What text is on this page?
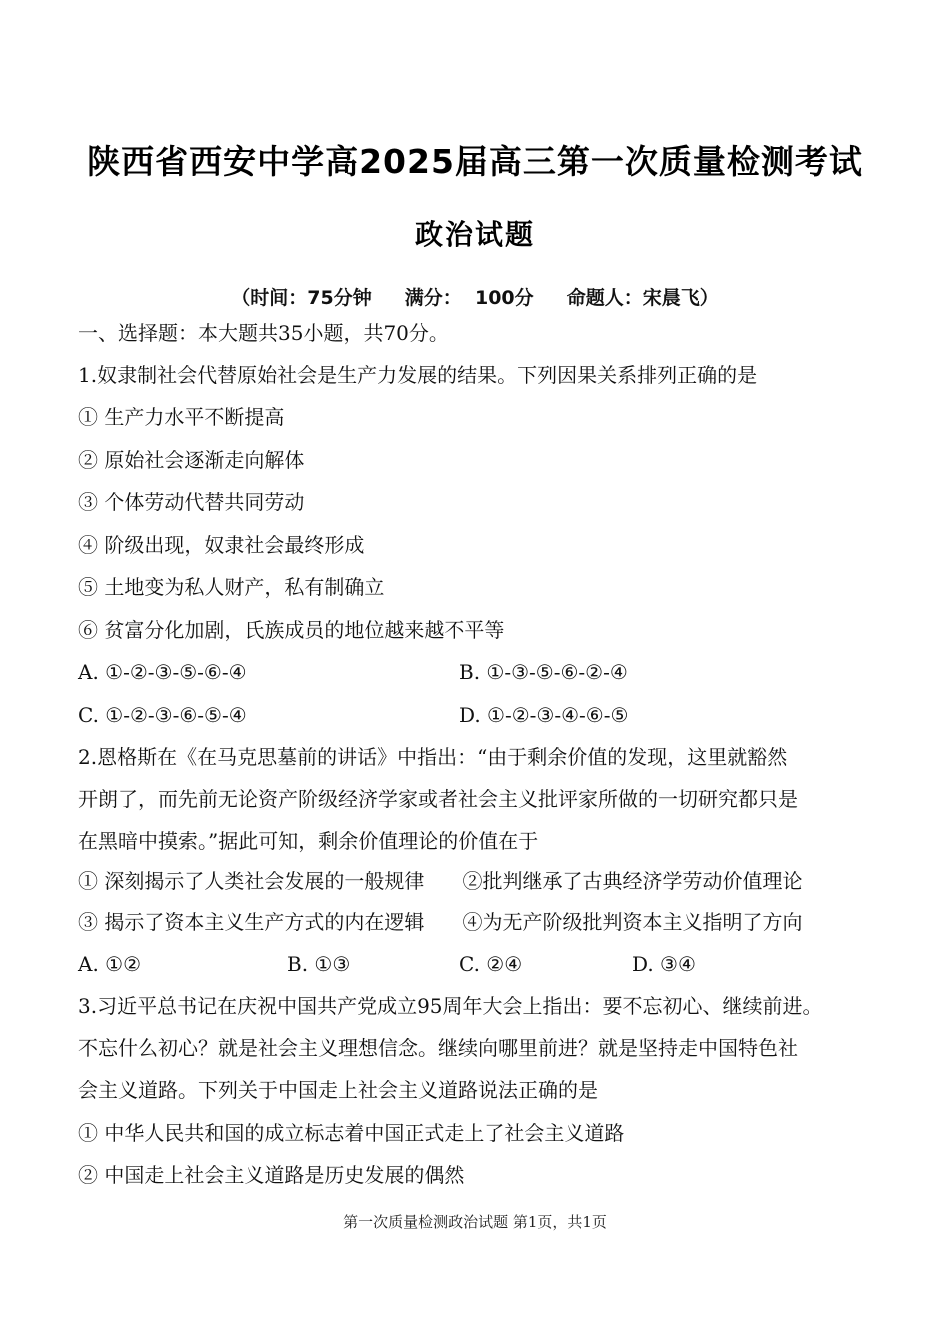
陕西省西安中学高2025届高三第一次质量检测考试
政治试题
（时间：75分钟     满分：  100分     命题人：宋晨飞）
一、选择题：本大题共35小题，共70分。
1.奴隶制社会代替原始社会是生产力发展的结果。下列因果关系排列正确的是
① 生产力水平不断提高
② 原始社会逐渐走向解体
③ 个体劳动代替共同劳动
④ 阶级出现，奴隶社会最终形成
⑤ 土地变为私人财产，私有制确立
⑥ 贫富分化加剧，氏族成员的地位越来越不平等
A. ①-②-③-⑤-⑥-④	B. ①-③-⑤-⑥-②-④
C. ①-②-③-⑥-⑤-④	D. ①-②-③-④-⑥-⑤
2.恩格斯在《在马克思墓前的讲话》中指出：“由于剩余价值的发现，这里就豁然
开朗了，而先前无论资产阶级经济学家或者社会主义批评家所做的一切研究都只是
在黑暗中摸索。”据此可知，剩余价值理论的价值在于
① 深刻揭示了人类社会发展的一般规律      ②批判继承了古典经济学劳动价值理论
③ 揭示了资本主义生产方式的内在逻辑      ④为无产阶级批判资本主义指明了方向
A. ①②	B. ①③	C. ②④	D. ③④
3.习近平总书记在庆祝中国共产党成立95周年大会上指出：要不忘初心、继续前进。
不忘什么初心？就是社会主义理想信念。继续向哪里前进？就是坚持走中国特色社
会主义道路。下列关于中国走上社会主义道路说法正确的是
① 中华人民共和国的成立标志着中国正式走上了社会主义道路
② 中国走上社会主义道路是历史发展的偶然
第一次质量检测政治试题 第1页，共1页
